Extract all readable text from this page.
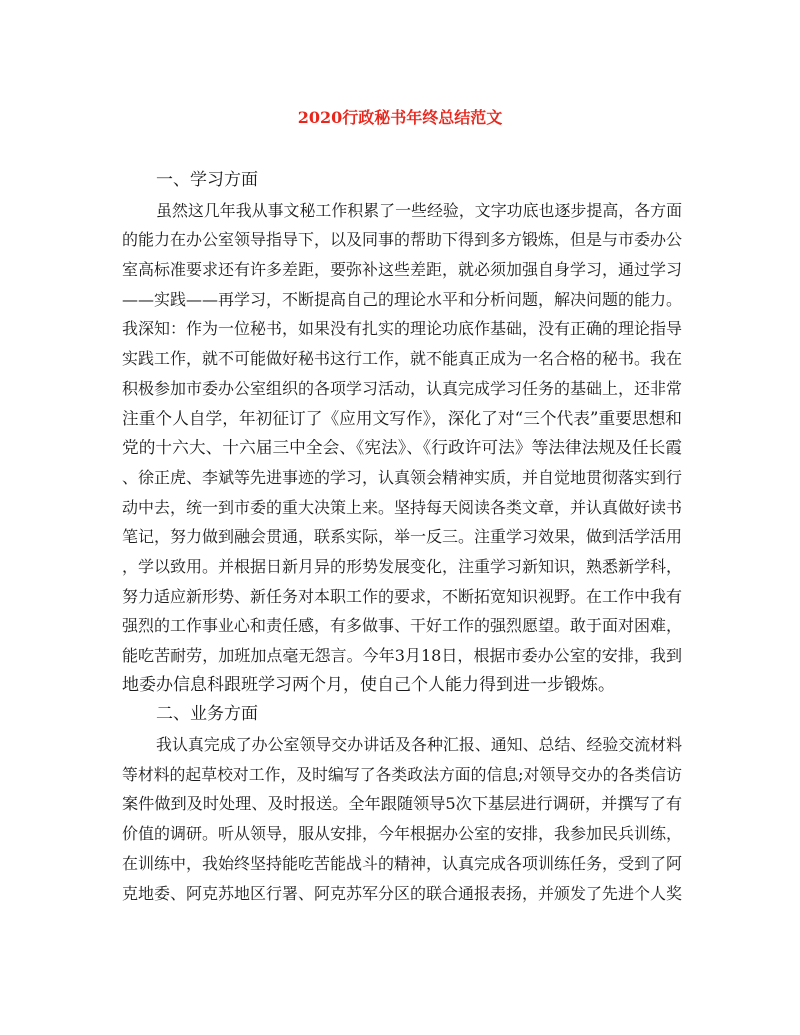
2020行政秘书年终总结范文
一、学习方面
虽然这几年我从事文秘工作积累了一些经验，文字功底也逐步提高，各方面
的能力在办公室领导指导下，以及同事的帮助下得到多方锻炼，但是与市委办公
室高标准要求还有许多差距，要弥补这些差距，就必须加强自身学习，通过学习
——实践——再学习，不断提高自己的理论水平和分析问题，解决问题的能力。
我深知：作为一位秘书，如果没有扎实的理论功底作基础，没有正确的理论指导
实践工作，就不可能做好秘书这行工作，就不能真正成为一名合格的秘书。我在
积极参加市委办公室组织的各项学习活动，认真完成学习任务的基础上，还非常
注重个人自学，年初征订了《应用文写作》，深化了对“三个代表”重要思想和
党的十六大、十六届三中全会、《宪法》、《行政许可法》等法律法规及任长霞
、徐正虎、李斌等先进事迹的学习，认真领会精神实质，并自觉地贯彻落实到行
动中去，统一到市委的重大决策上来。坚持每天阅读各类文章，并认真做好读书
笔记，努力做到融会贯通，联系实际，举一反三。注重学习效果，做到活学活用
，学以致用。并根据日新月异的形势发展变化，注重学习新知识，熟悉新学科，
努力适应新形势、新任务对本职工作的要求，不断拓宽知识视野。在工作中我有
强烈的工作事业心和责任感，有多做事、干好工作的强烈愿望。敢于面对困难，
能吃苦耐劳，加班加点毫无怨言。今年3月18日，根据市委办公室的安排，我到
地委办信息科跟班学习两个月，使自己个人能力得到进一步锻炼。
二、业务方面
我认真完成了办公室领导交办讲话及各种汇报、通知、总结、经验交流材料
等材料的起草校对工作，及时编写了各类政法方面的信息;对领导交办的各类信访
案件做到及时处理、及时报送。全年跟随领导5次下基层进行调研，并撰写了有
价值的调研。听从领导，服从安排，今年根据办公室的安排，我参加民兵训练，
在训练中，我始终坚持能吃苦能战斗的精神，认真完成各项训练任务，受到了阿
克地委、阿克苏地区行署、阿克苏军分区的联合通报表扬，并颁发了先进个人奖
